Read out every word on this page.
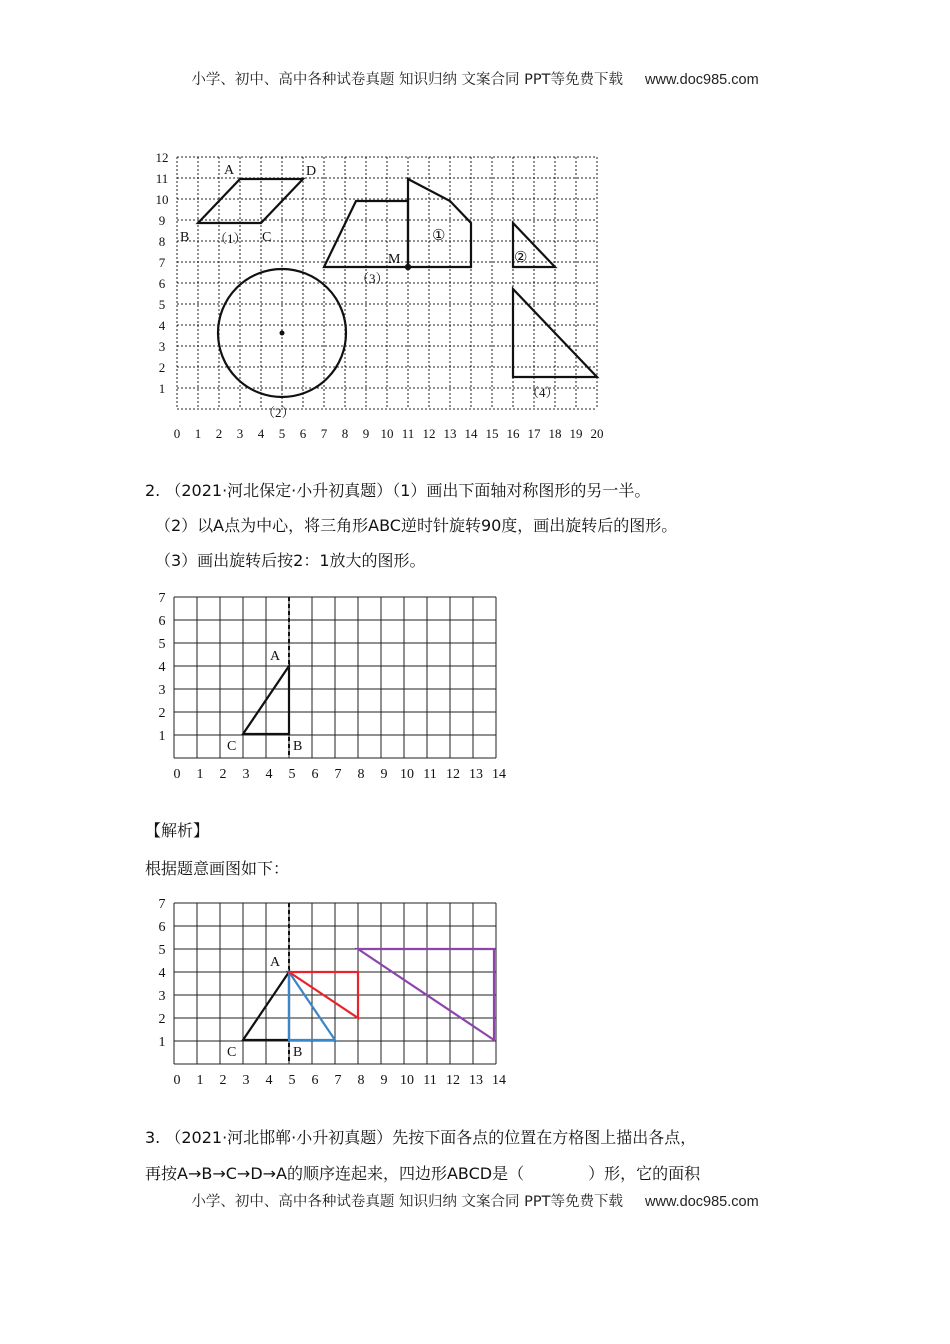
小学、初中、高中各种试卷真题 知识归纳 文案合同 PPT等免费下载 www.doc985.com
A	D
B	C
M
（1）
（2）
（3）
（4）
①
②
12
11
10
9
8
7
6
5
4
3
2
1
0 1 2 3 4 5 6 7 8 9 10 11 12 13 14 15 16 17 18 19 20
2. （2021·河北保定·小升初真题）（1）画出下面轴对称图形的另一半。
（2）以A点为中心，将三角形ABC逆时针旋转90度，画出旋转后的图形。
（3）画出旋转后按2：1放大的图形。
A
B
C
7
6
5
4
3
2
1
0 1 2 3 4 5 6 7 8 9 10 11 12 13 14
【解析】
根据题意画图如下：
A
B
C
7
6
5
4
3
2
1
0 1 2 3 4 5 6 7 8 9 10 11 12 13 14
3. （2021·河北邯郸·小升初真题）先按下面各点的位置在方格图上描出各点，
再按A→B→C→D→A的顺序连起来，四边形ABCD是（　　　　）形，它的面积
小学、初中、高中各种试卷真题 知识归纳 文案合同 PPT等免费下载 www.doc985.com
